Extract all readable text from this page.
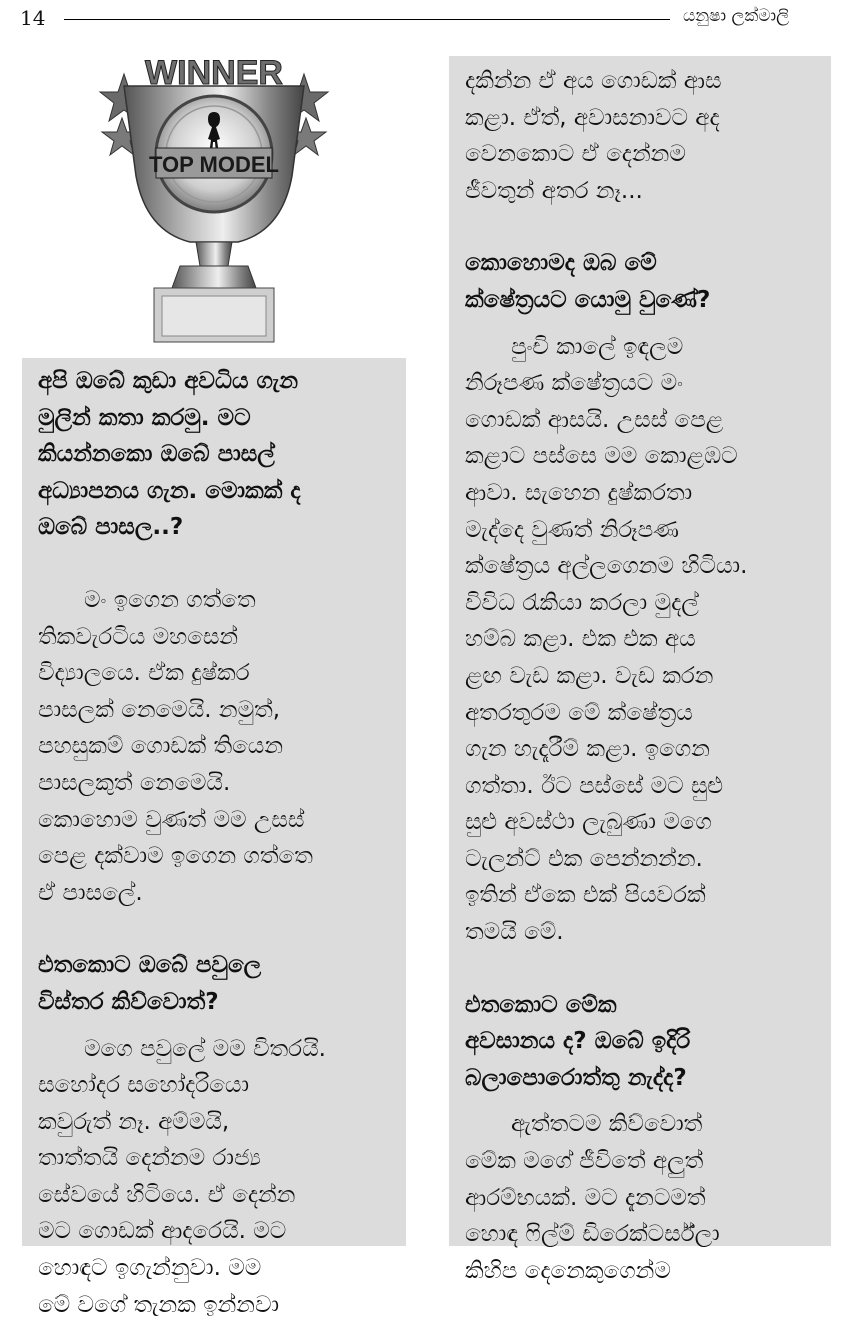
14	යනුෂා ලක්මාලි
WINNER
TOP MODEL
අපි ඔබේ කුඩා අවධිය ගැන
මුලින් කතා කරමු. මට
කියන්නකො ඔබේ පාසල්
අධ්‍යාපනය ගැන. මොකක් ද
ඔබේ පාසල..?
මං ඉගෙන ගත්තෙ
තිකවැරටිය මහසෙන්
විද්‍යාලයෙ. ඒක දුෂ්කර
පාසලක් නෙමෙයි. නමුත්,
පහසුකම් ගොඩක් තියෙන
පාසලකුත් නෙමෙයි.
කොහොම වුණත් මම උසස්
පෙළ දක්වාම ඉගෙන ගත්තෙ
ඒ පාසලේ.
එතකොට ඔබේ පවුලෙ
විස්තර කිව්වොත්?
මගෙ පවුලේ මම විතරයි.
සහෝදර සහෝදරියො
කවුරුත් නෑ. අම්මයි,
තාත්තයි දෙන්නම රාජ්‍ය
සේවයේ හිටියෙ. ඒ දෙන්න
මට ගොඩක් ආදරෙයි. මට
හොඳට ඉගැන්නුවා. මම
මේ වගේ තැනක ඉන්නවා
දකින්න ඒ අය ගොඩක් ආස
කළා. ඒත්, අවාසනාවට අද
වෙනකොට ඒ දෙන්නම
ජීවතුන් අතර නෑ...
කොහොමද ඔබ මේ
ක්ෂේත්‍රයට යොමු වුණේ?
පුංචි කාලේ ඉඳලම
නිරූපණ ක්ෂේත්‍රයට මං
ගොඩක් ආසයි. උසස් පෙළ
කළාට පස්සෙ මම කොළඹට
ආවා. සැහෙන දුෂ්කරතා
මැද්දෙ වුණත් නිරූපණ
ක්ෂේත්‍රය අල්ලගෙනම හිටියා.
විවිධ රැකියා කරලා මුදල්
හම්බ කළා. එක එක අය
ළඟ වැඩ කළා. වැඩ කරන
අතරතුරම මේ ක්ෂේත්‍රය
ගැන හැදෑරීම් කළා. ඉගෙන
ගත්තා. ඊට පස්සේ මට සුළු
සුළු අවස්ථා ලැබුණා මගෙ
ටැලන්ට් එක පෙන්නන්න.
ඉතින් ඒකෙ එක් පියවරක්
තමයි මේ.
එතකොට මේක
අවසානය ද? ඔබේ ඉදිරි
බලාපොරොත්තු නැද්ද?
ඇත්තටම කිව්වොත්
මේක මගේ ජීවිතේ අලුත්
ආරම්භයක්. මට දැනටමත්
හොඳ ෆිල්ම් ඩිරෙක්ටර්ස්ලා
කිහිප දෙනෙකුගෙන්ම
